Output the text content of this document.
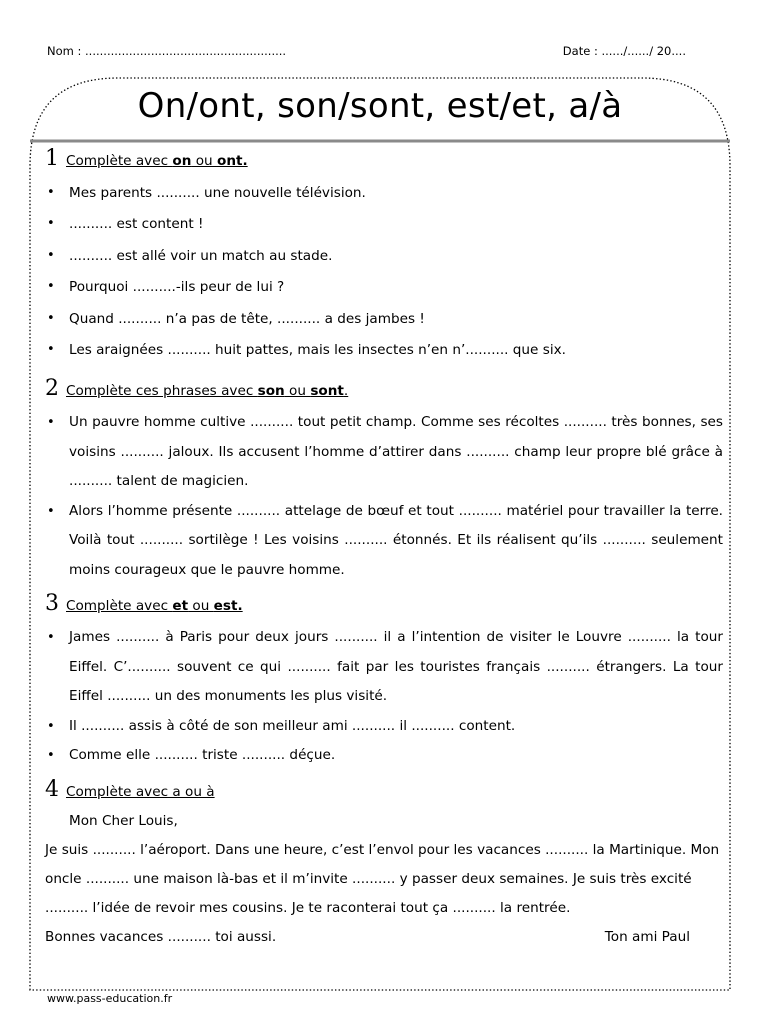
Nom : .......................................................	Date : ....../....../ 20....
On/ont, son/sont, est/et, a/à
1 Complète avec on ou ont.
• Mes parents .......... une nouvelle télévision.
• .......... est content !
• .......... est allé voir un match au stade.
• Pourquoi ..........-ils peur de lui ?
• Quand .......... n’a pas de tête, .......... a des jambes !
• Les araignées .......... huit pattes, mais les insectes n’en n’.......... que six.
2 Complète ces phrases avec son ou sont.
• Un pauvre homme cultive .......... tout petit champ. Comme ses récoltes .......... très bonnes, ses voisins .......... jaloux. Ils accusent l’homme d’attirer dans .......... champ leur propre blé grâce à .......... talent de magicien.
• Alors l’homme présente .......... attelage de bœuf et tout .......... matériel pour travailler la terre. Voilà tout .......... sortilège ! Les voisins .......... étonnés. Et ils réalisent qu’ils .......... seulement moins courageux que le pauvre homme.
3 Complète avec et ou est.
• James .......... à Paris pour deux jours .......... il a l’intention de visiter le Louvre .......... la tour Eiffel. C’.......... souvent ce qui .......... fait par les touristes français .......... étrangers. La tour Eiffel .......... un des monuments les plus visité.
• Il .......... assis à côté de son meilleur ami .......... il .......... content.
• Comme elle .......... triste .......... déçue.
4 Complète avec a ou à

Mon Cher Louis,

Je suis .......... l’aéroport. Dans une heure, c’est l’envol pour les vacances .......... la Martinique. Mon

oncle .......... une maison là-bas et il m’invite .......... y passer deux semaines. Je suis très excité

.......... l’idée de revoir mes cousins. Je te raconterai tout ça .......... la rentrée.

Bonnes vacances .......... toi aussi.	Ton ami Paul

www.pass-education.fr
